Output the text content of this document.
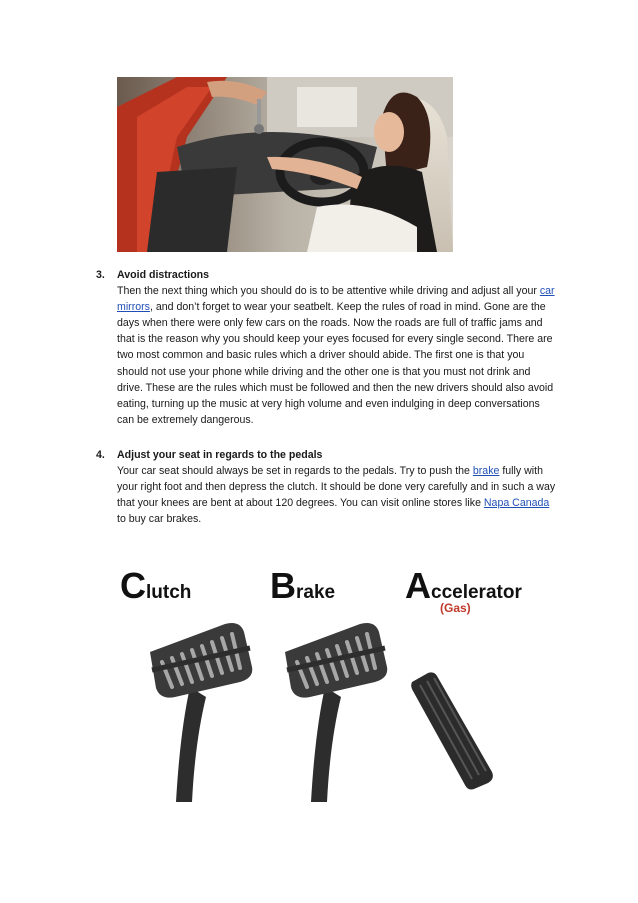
3.	Avoid distractions
Then the next thing which you should do is to be attentive while driving and adjust all your car mirrors, and don’t forget to wear your seatbelt. Keep the rules of road in mind. Gone are the days when there were only few cars on the roads. Now the roads are full of traffic jams and that is the reason why you should keep your eyes focused for every single second. There are two most common and basic rules which a driver should abide. The first one is that you should not use your phone while driving and the other one is that you must not drink and drive. These are the rules which must be followed and then the new drivers should also avoid eating, turning up the music at very high volume and even indulging in deep conversations can be extremely dangerous.
4.	Adjust your seat in regards to the pedals
Your car seat should always be set in regards to the pedals. Try to push the brake fully with your right foot and then depress the clutch. It should be done very carefully and in such a way that your knees are bent at about 120 degrees. You can visit online stores like Napa Canada to buy car brakes.
Clutch Brake Accelerator
(Gas)
